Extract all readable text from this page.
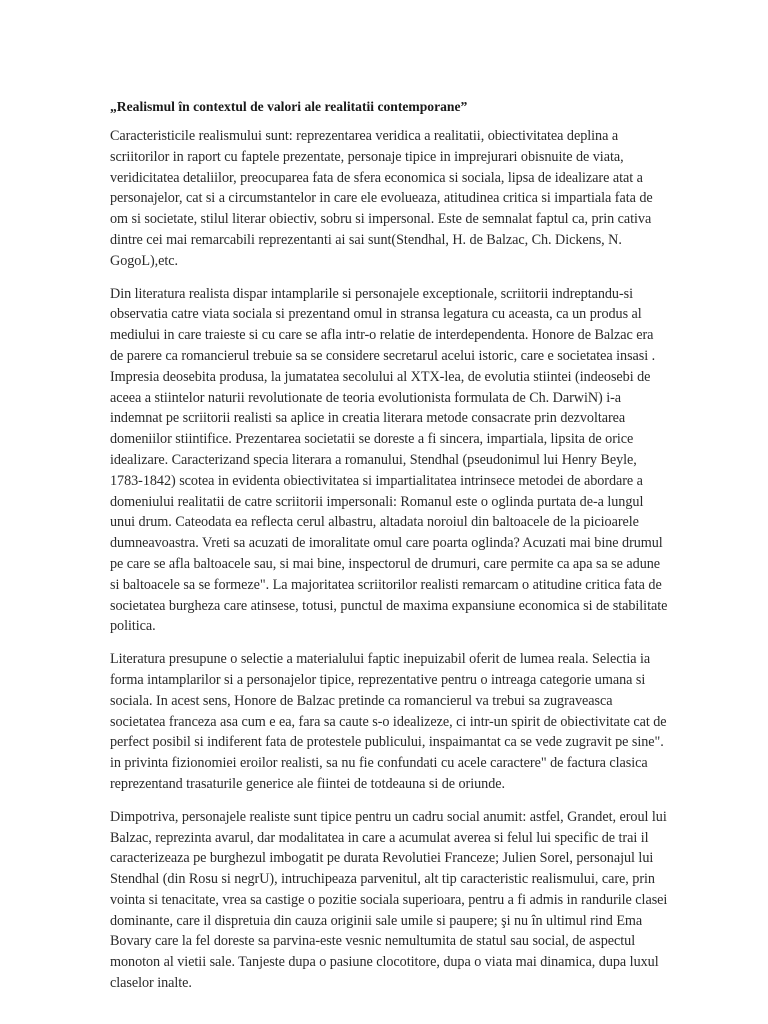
„Realismul în contextul de valori ale realitatii contemporane”

Caracteristicile realismului sunt: reprezentarea veridica a realitatii, obiectivitatea deplina a scriitorilor in raport cu faptele prezentate, personaje tipice in imprejurari obisnuite de viata, veridicitatea detaliilor, preocuparea fata de sfera economica si sociala, lipsa de idealizare atat a personajelor, cat si a circumstantelor in care ele evolueaza, atitudinea critica si impartiala fata de om si societate, stilul literar obiectiv, sobru si impersonal. Este de semnalat faptul ca, prin cativa dintre cei mai remarcabili reprezentanti ai sai sunt(Stendhal, H. de Balzac, Ch. Dickens, N. GogoL),etc.

Din literatura realista dispar intamplarile si personajele exceptionale, scriitorii indreptandu-si observatia catre viata sociala si prezentand omul in stransa legatura cu aceasta, ca un produs al mediului in care traieste si cu care se afla intr-o relatie de interdependenta. Honore de Balzac era de parere ca romancierul trebuie sa se considere secretarul acelui istoric, care e societatea insasi . Impresia deosebita produsa, la jumatatea secolului al XTX-lea, de evolutia stiintei (indeosebi de aceea a stiintelor naturii revolutionate de teoria evolutionista formulata de Ch. DarwiN) i-a indemnat pe scriitorii realisti sa aplice in creatia literara metode consacrate prin dezvoltarea domeniilor stiintifice. Prezentarea societatii se doreste a fi sincera, impartiala, lipsita de orice idealizare. Caracterizand specia literara a romanului, Stendhal (pseudonimul lui Henry Beyle, 1783-1842) scotea in evidenta obiectivitatea si impartialitatea intrinsece metodei de abordare a domeniului realitatii de catre scriitorii impersonali: Romanul este o oglinda purtata de-a lungul unui drum. Cateodata ea reflecta cerul albastru, altadata noroiul din baltoacele de la picioarele dumneavoastra. Vreti sa acuzati de imoralitate omul care poarta oglinda? Acuzati mai bine drumul pe care se afla baltoacele sau, si mai bine, inspectorul de drumuri, care permite ca apa sa se adune si baltoacele sa se formeze". La majoritatea scriitorilor realisti remarcam o atitudine critica fata de societatea burgheza care atinsese, totusi, punctul de maxima expansiune economica si de stabilitate politica.

Literatura presupune o selectie a materialului faptic inepuizabil oferit de lumea reala. Selectia ia forma intamplarilor si a personajelor tipice, reprezentative pentru o intreaga categorie umana si sociala. In acest sens, Honore de Balzac pretinde ca romancierul va trebui sa zugraveasca societatea franceza asa cum e ea, fara sa caute s-o idealizeze, ci intr-un spirit de obiectivitate cat de perfect posibil si indiferent fata de protestele publicului, inspaimantat ca se vede zugravit pe sine". in privinta fizionomiei eroilor realisti, sa nu fie confundati cu acele caractere" de factura clasica reprezentand trasaturile generice ale fiintei de totdeauna si de oriunde.

Dimpotriva, personajele realiste sunt tipice pentru un cadru social anumit: astfel, Grandet, eroul lui Balzac, reprezinta avarul, dar modalitatea in care a acumulat averea si felul lui specific de trai il caracterizeaza pe burghezul imbogatit pe durata Revolutiei Franceze; Julien Sorel, personajul lui Stendhal (din Rosu si negrU), intruchipeaza parvenitul, alt tip caracteristic realismului, care, prin vointa si tenacitate, vrea sa castige o pozitie sociala superioara, pentru a fi admis in randurile clasei dominante, care il dispretuia din cauza originii sale umile si paupere; şi nu în ultimul rind Ema Bovary care la fel doreste sa parvina-este vesnic nemultumita de statul sau social, de aspectul monoton al vietii sale. Tanjeste dupa o pasiune clocotitore, dupa o viata mai dinamica, dupa luxul claselor inalte.
